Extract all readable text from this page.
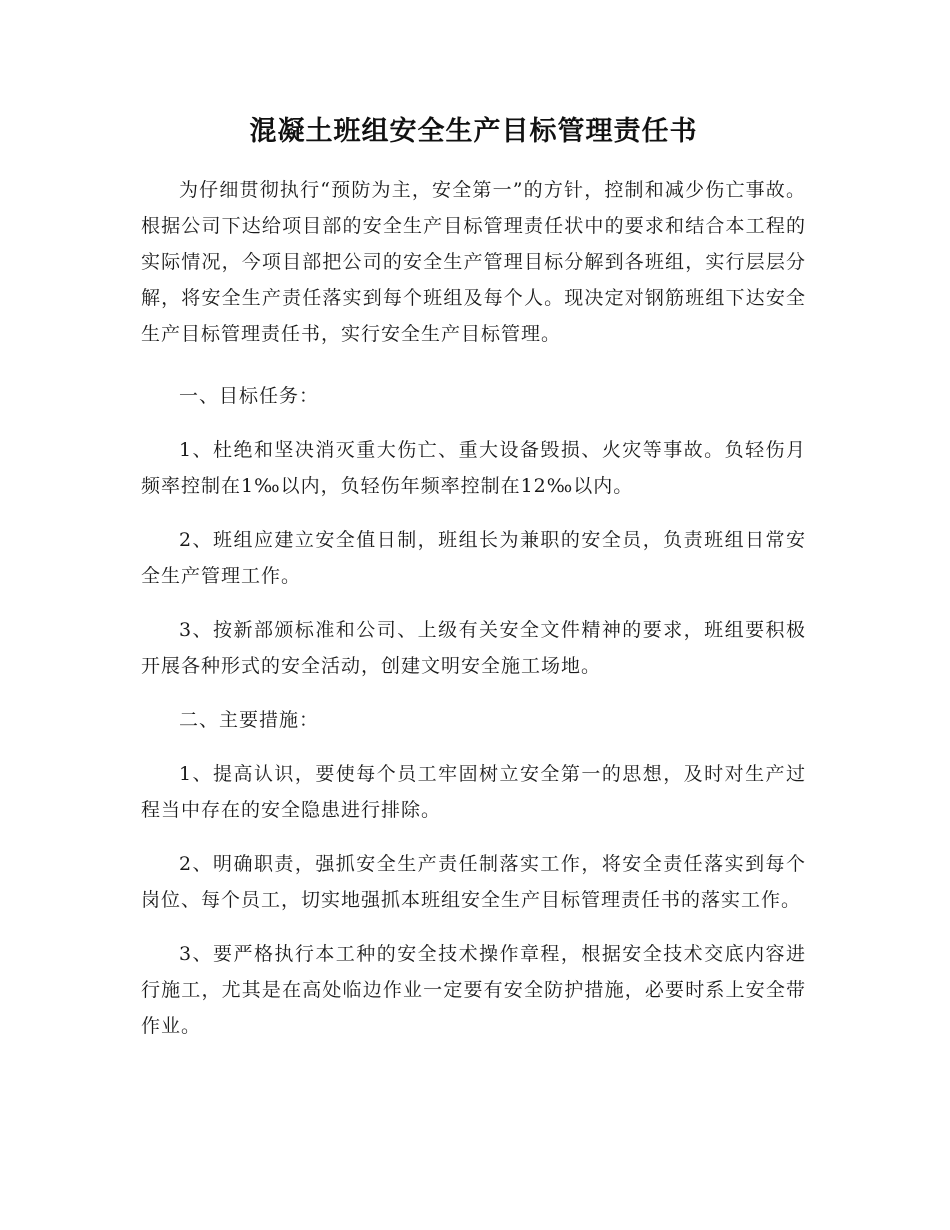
混凝土班组安全生产目标管理责任书

为仔细贯彻执行“预防为主，安全第一”的方针，控制和减少伤亡事故。根据公司下达给项目部的安全生产目标管理责任状中的要求和结合本工程的实际情况，今项目部把公司的安全生产管理目标分解到各班组，实行层层分解，将安全生产责任落实到每个班组及每个人。现决定对钢筋班组下达安全生产目标管理责任书，实行安全生产目标管理。

一、目标任务：

1、杜绝和坚决消灭重大伤亡、重大设备毁损、火灾等事故。负轻伤月频率控制在1‰以内，负轻伤年频率控制在12‰以内。

2、班组应建立安全值日制，班组长为兼职的安全员，负责班组日常安全生产管理工作。

3、按新部颁标准和公司、上级有关安全文件精神的要求，班组要积极开展各种形式的安全活动，创建文明安全施工场地。

二、主要措施：

1、提高认识，要使每个员工牢固树立安全第一的思想，及时对生产过程当中存在的安全隐患进行排除。

2、明确职责，强抓安全生产责任制落实工作，将安全责任落实到每个岗位、每个员工，切实地强抓本班组安全生产目标管理责任书的落实工作。

3、要严格执行本工种的安全技术操作章程，根据安全技术交底内容进行施工，尤其是在高处临边作业一定要有安全防护措施，必要时系上安全带作业。
